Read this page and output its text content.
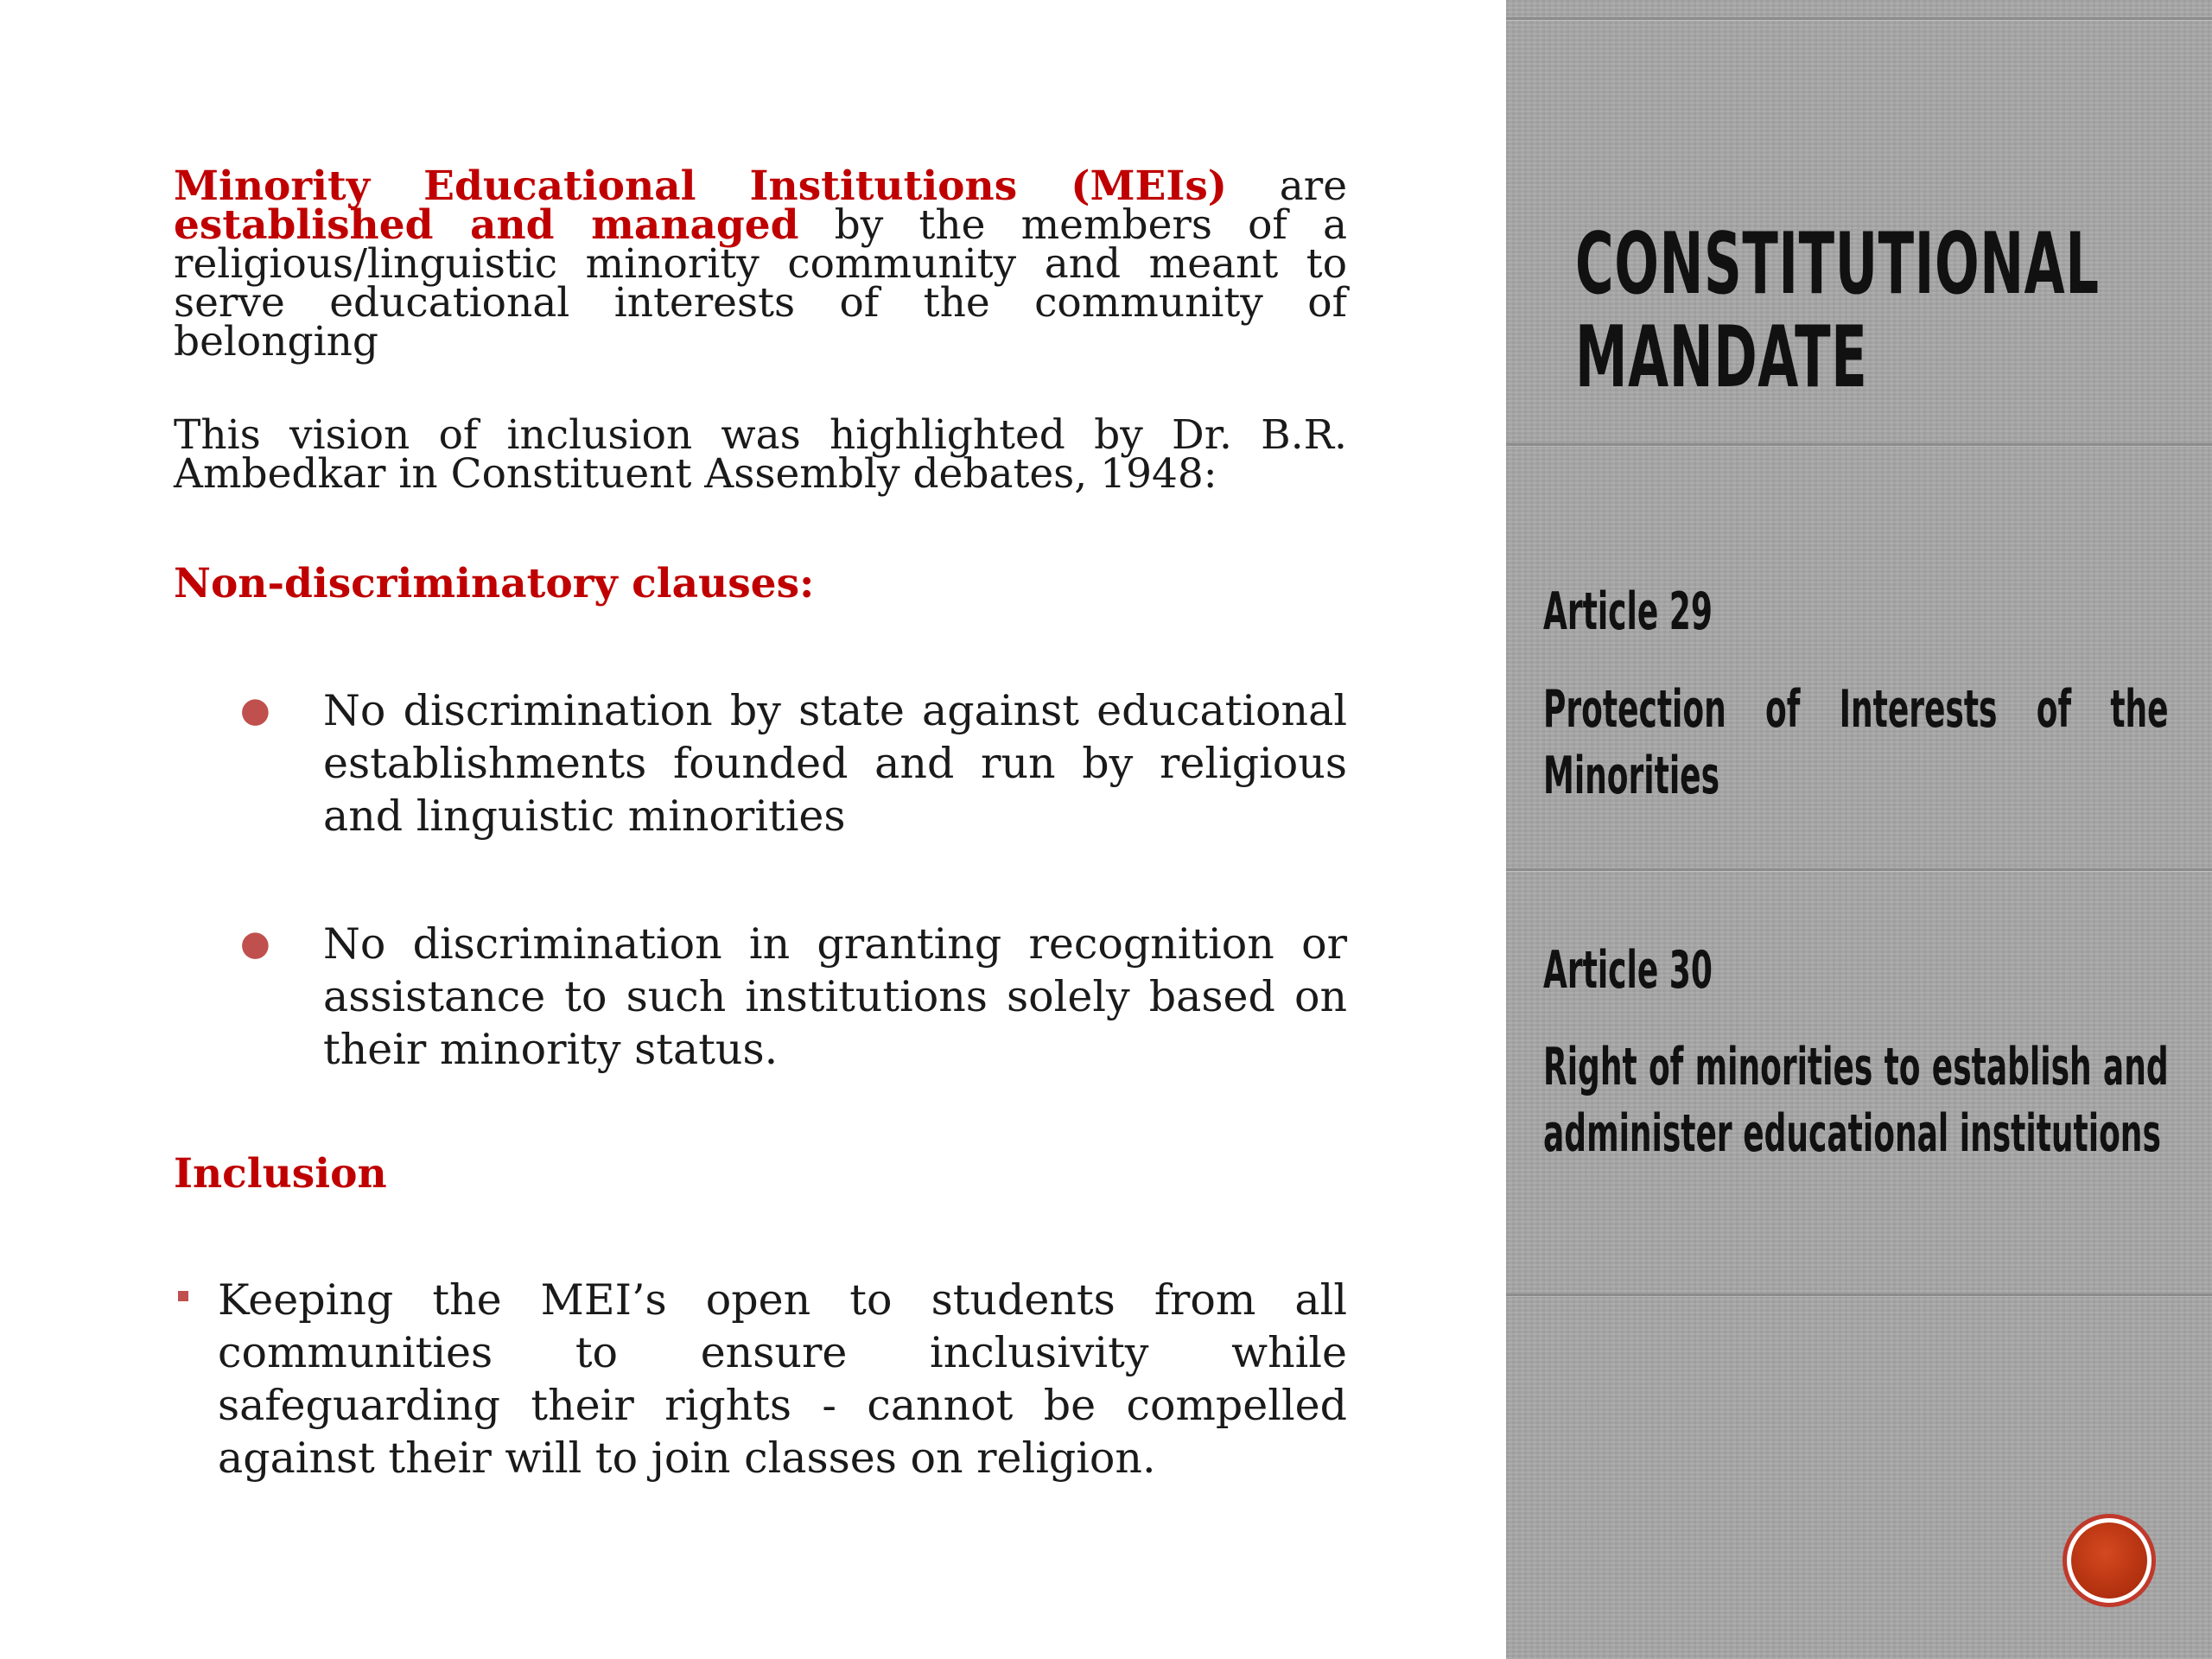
Minority Educational Institutions (MEIs) are established and managed by the members of a religious/linguistic minority community and meant to serve educational interests of the community of belonging
This vision of inclusion was highlighted by Dr. B.R. Ambedkar in Constituent Assembly debates, 1948:
Non-discriminatory clauses:
● No discrimination by state against educational establishments founded and run by religious and linguistic minorities
● No discrimination in granting recognition or assistance to such institutions solely based on their minority status.
Inclusion
Keeping the MEI’s open to students from all communities to ensure inclusivity while safeguarding their rights - cannot be compelled against their will to join classes on religion.
CONSTITUTIONAL
MANDATE
Article 29
Protection of Interests of the Minorities
Article 30
Right of minorities to establish and administer educational institutions
